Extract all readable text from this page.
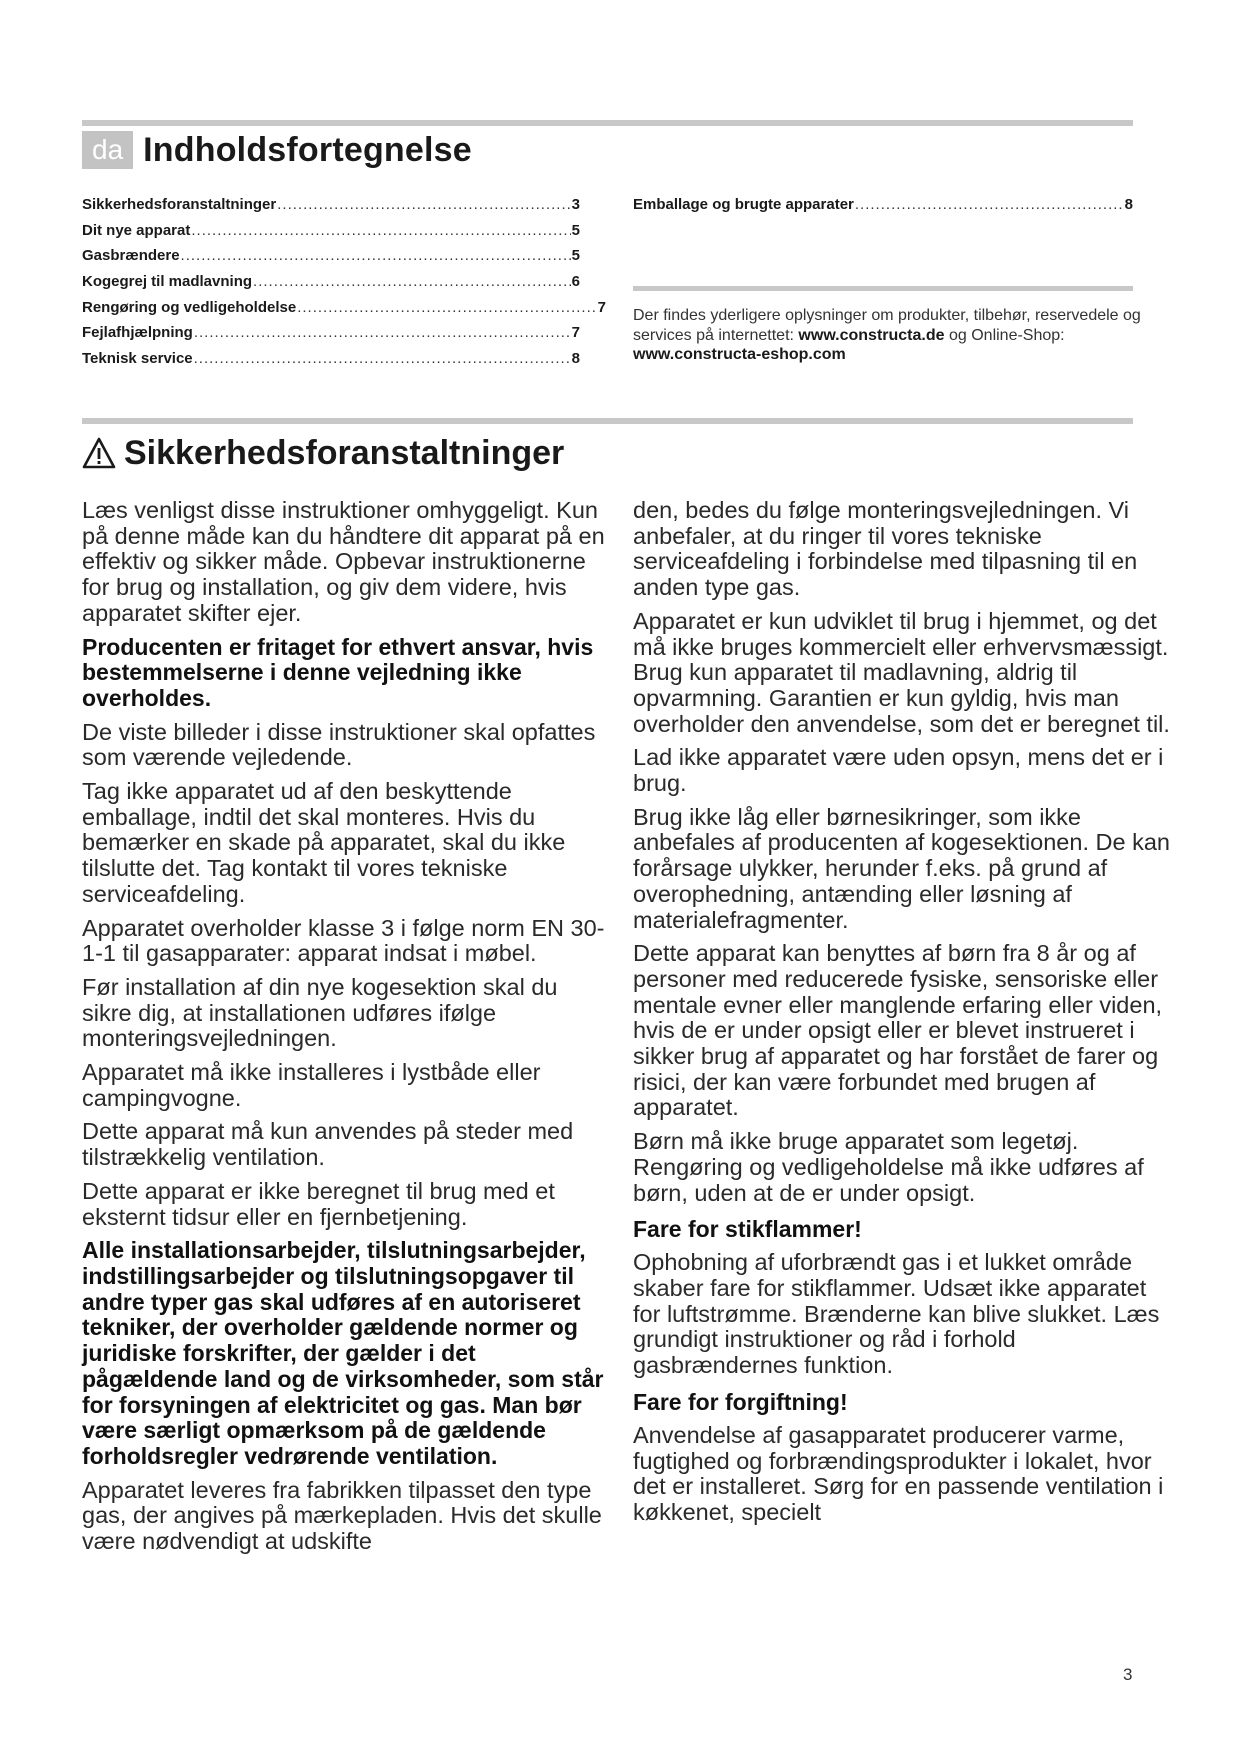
da Indholdsfortegnelse
Sikkerhedsforanstaltninger .....	3
Dit nye apparat .....	5
Gasbrændere .....	5
Kogegrej til madlavning .....	6
Rengøring og vedligeholdelse .....	7
Fejlafhjælpning .....	7
Teknisk service .....	8
Emballage og brugte apparater .....	8
Der findes yderligere oplysninger om produkter, tilbehør, reservedele og services på internettet: www.constructa.de og Online-Shop: www.constructa-eshop.com
Sikkerhedsforanstaltninger

Læs venligst disse instruktioner omhyggeligt. Kun på denne måde kan du håndtere dit apparat på en effektiv og sikker måde. Opbevar instruktionerne for brug og installation, og giv dem videre, hvis apparatet skifter ejer.

Producenten er fritaget for ethvert ansvar, hvis bestemmelserne i denne vejledning ikke overholdes.

De viste billeder i disse instruktioner skal opfattes som værende vejledende.

Tag ikke apparatet ud af den beskyttende emballage, indtil det skal monteres. Hvis du bemærker en skade på apparatet, skal du ikke tilslutte det. Tag kontakt til vores tekniske serviceafdeling.

Apparatet overholder klasse 3 i følge norm EN 30-1-1 til gasapparater: apparat indsat i møbel.

Før installation af din nye kogesektion skal du sikre dig, at installationen udføres ifølge monteringsvejledningen.

Apparatet må ikke installeres i lystbåde eller campingvogne.

Dette apparat må kun anvendes på steder med tilstrækkelig ventilation.

Dette apparat er ikke beregnet til brug med et eksternt tidsur eller en fjernbetjening.

Alle installationsarbejder, tilslutningsarbejder, indstillingsarbejder og tilslutningsopgaver til andre typer gas skal udføres af en autoriseret tekniker, der overholder gældende normer og juridiske forskrifter, der gælder i det pågældende land og de virksomheder, som står for forsyningen af elektricitet og gas. Man bør være særligt opmærksom på de gældende forholdsregler vedrørende ventilation.

Apparatet leveres fra fabrikken tilpasset den type gas, der angives på mærkepladen. Hvis det skulle være nødvendigt at udskifte

den, bedes du følge monteringsvejledningen. Vi anbefaler, at du ringer til vores tekniske serviceafdeling i forbindelse med tilpasning til en anden type gas.

Apparatet er kun udviklet til brug i hjemmet, og det må ikke bruges kommercielt eller erhvervsmæssigt. Brug kun apparatet til madlavning, aldrig til opvarmning. Garantien er kun gyldig, hvis man overholder den anvendelse, som det er beregnet til.

Lad ikke apparatet være uden opsyn, mens det er i brug.

Brug ikke låg eller børnesikringer, som ikke anbefales af producenten af kogesektionen. De kan forårsage ulykker, herunder f.eks. på grund af overophedning, antænding eller løsning af materialefragmenter.

Dette apparat kan benyttes af børn fra 8 år og af personer med reducerede fysiske, sensoriske eller mentale evner eller manglende erfaring eller viden, hvis de er under opsigt eller er blevet instrueret i sikker brug af apparatet og har forstået de farer og risici, der kan være forbundet med brugen af apparatet.

Børn må ikke bruge apparatet som legetøj. Rengøring og vedligeholdelse må ikke udføres af børn, uden at de er under opsigt.

Fare for stikflammer!

Ophobning af uforbrændt gas i et lukket område skaber fare for stikflammer. Udsæt ikke apparatet for luftstrømme. Brænderne kan blive slukket. Læs grundigt instruktioner og råd i forhold gasbrændernes funktion.

Fare for forgiftning!

Anvendelse af gasapparatet producerer varme, fugtighed og forbrændingsprodukter i lokalet, hvor det er installeret. Sørg for en passende ventilation i køkkenet, specielt

3
